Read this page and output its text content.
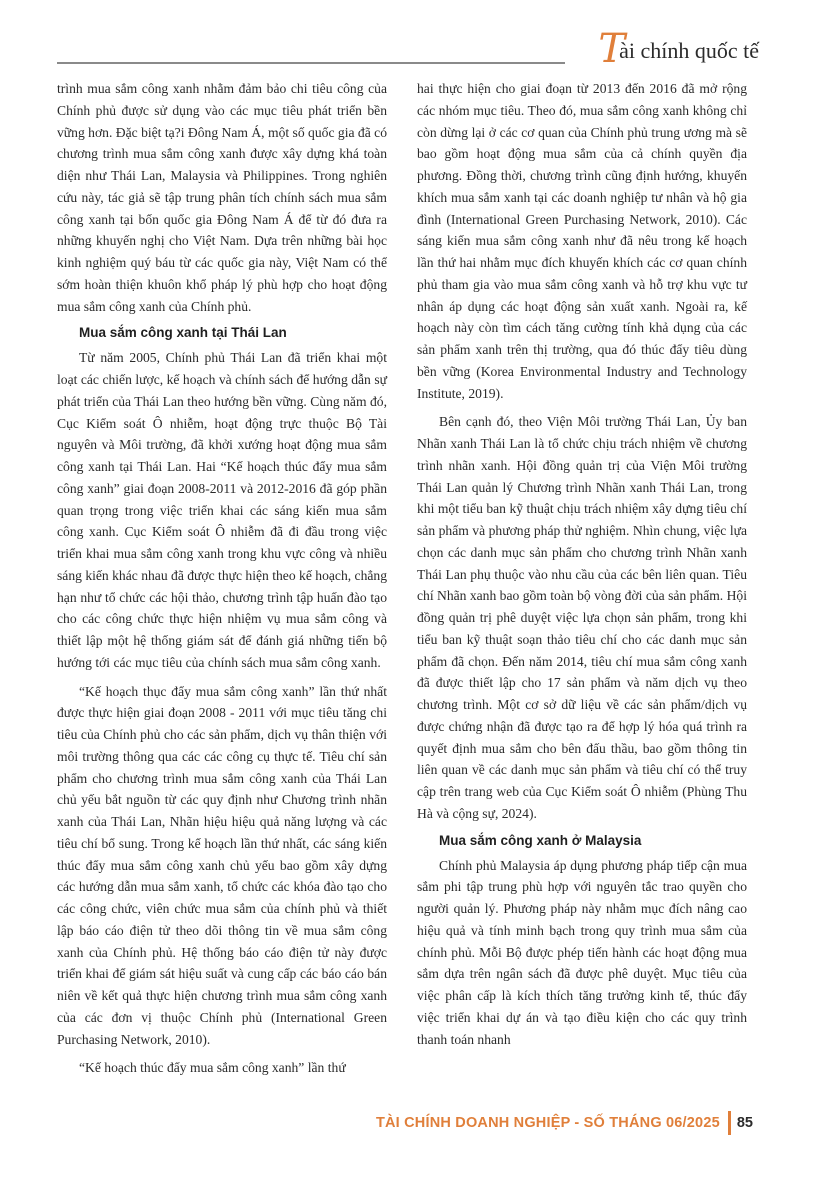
Tài chính quốc tế

trình mua sắm công xanh nhằm đảm bảo chi tiêu công của Chính phủ được sử dụng vào các mục tiêu phát triển bền vững hơn. Đặc biệt tạ?i Đông Nam Á, một số quốc gia đã có chương trình mua sắm công xanh được xây dựng khá toàn diện như Thái Lan, Malaysia và Philippines. Trong nghiên cứu này, tác giả sẽ tập trung phân tích chính sách mua sắm công xanh tại bốn quốc gia Đông Nam Á để từ đó đưa ra những khuyến nghị cho Việt Nam. Dựa trên những bài học kinh nghiệm quý báu từ các quốc gia này, Việt Nam có thể sớm hoàn thiện khuôn khổ pháp lý phù hợp cho hoạt động mua sắm công xanh của Chính phủ.

Mua sắm công xanh tại Thái Lan

Từ năm 2005, Chính phủ Thái Lan đã triển khai một loạt các chiến lược, kế hoạch và chính sách để hướng dẫn sự phát triển của Thái Lan theo hướng bền vững. Cùng năm đó, Cục Kiểm soát Ô nhiễm, hoạt động trực thuộc Bộ Tài nguyên và Môi trường, đã khởi xướng hoạt động mua sắm công xanh tại Thái Lan. Hai “Kế hoạch thúc đẩy mua sắm công xanh” giai đoạn 2008-2011 và 2012-2016 đã góp phần quan trọng trong việc triển khai các sáng kiến mua sắm công xanh. Cục Kiểm soát Ô nhiễm đã đi đầu trong việc triển khai mua sắm công xanh trong khu vực công và nhiều sáng kiến khác nhau đã được thực hiện theo kế hoạch, chẳng hạn như tổ chức các hội thảo, chương trình tập huấn đào tạo cho các công chức thực hiện nhiệm vụ mua sắm công và thiết lập một hệ thống giám sát để đánh giá những tiến bộ hướng tới các mục tiêu của chính sách mua sắm công xanh.

“Kế hoạch thục đẩy mua sắm công xanh” lần thứ nhất được thực hiện giai đoạn 2008 - 2011 với mục tiêu tăng chi tiêu của Chính phủ cho các sản phẩm, dịch vụ thân thiện với môi trường thông qua các các công cụ thực tế. Tiêu chí sản phẩm cho chương trình mua sắm công xanh của Thái Lan chủ yếu bắt nguồn từ các quy định như Chương trình nhãn xanh của Thái Lan, Nhãn hiệu hiệu quả năng lượng và các tiêu chí bổ sung. Trong kế hoạch lần thứ nhất, các sáng kiến thúc đẩy mua sắm công xanh chủ yếu bao gồm xây dựng các hướng dẫn mua sắm xanh, tổ chức các khóa đào tạo cho các công chức, viên chức mua sắm của chính phủ và thiết lập báo cáo điện tử theo dõi thông tin về mua sắm công xanh của Chính phủ. Hệ thống báo cáo điện tử này được triển khai để giám sát hiệu suất và cung cấp các báo cáo bán niên về kết quả thực hiện chương trình mua sắm công xanh của các đơn vị thuộc Chính phủ (International Green Purchasing Network, 2010).

“Kế hoạch thúc đẩy mua sắm công xanh” lần thứ

hai thực hiện cho giai đoạn từ 2013 đến 2016 đã mở rộng các nhóm mục tiêu. Theo đó, mua sắm công xanh không chỉ còn dừng lại ở các cơ quan của Chính phủ trung ương mà sẽ bao gồm hoạt động mua sắm của cả chính quyền địa phương. Đồng thời, chương trình cũng định hướng, khuyến khích mua sắm xanh tại các doanh nghiệp tư nhân và hộ gia đình (International Green Purchasing Network, 2010). Các sáng kiến mua sắm công xanh như đã nêu trong kế hoạch lần thứ hai nhằm mục đích khuyến khích các cơ quan chính phủ tham gia vào mua sắm công xanh và hỗ trợ khu vực tư nhân áp dụng các hoạt động sản xuất xanh. Ngoài ra, kế hoạch này còn tìm cách tăng cường tính khả dụng của các sản phẩm xanh trên thị trường, qua đó thúc đẩy tiêu dùng bền vững (Korea Environmental Industry and Technology Institute, 2019).

Bên cạnh đó, theo Viện Môi trường Thái Lan, Ủy ban Nhãn xanh Thái Lan là tổ chức chịu trách nhiệm về chương trình nhãn xanh. Hội đồng quản trị của Viện Môi trường Thái Lan quản lý Chương trình Nhãn xanh Thái Lan, trong khi một tiểu ban kỹ thuật chịu trách nhiệm xây dựng tiêu chí sản phẩm và phương pháp thử nghiệm. Nhìn chung, việc lựa chọn các danh mục sản phẩm cho chương trình Nhãn xanh Thái Lan phụ thuộc vào nhu cầu của các bên liên quan. Tiêu chí Nhãn xanh bao gồm toàn bộ vòng đời của sản phẩm. Hội đồng quản trị phê duyệt việc lựa chọn sản phẩm, trong khi tiểu ban kỹ thuật soạn thảo tiêu chí cho các danh mục sản phẩm đã chọn. Đến năm 2014, tiêu chí mua sắm công xanh đã được thiết lập cho 17 sản phẩm và năm dịch vụ theo chương trình. Một cơ sở dữ liệu về các sản phẩm/dịch vụ được chứng nhận đã được tạo ra để hợp lý hóa quá trình ra quyết định mua sắm cho bên đấu thầu, bao gồm thông tin liên quan về các danh mục sản phẩm và tiêu chí có thể truy cập trên trang web của Cục Kiểm soát Ô nhiễm (Phùng Thu Hà và cộng sự, 2024).

Mua sắm công xanh ở Malaysia

Chính phủ Malaysia áp dụng phương pháp tiếp cận mua sắm phi tập trung phù hợp với nguyên tắc trao quyền cho người quản lý. Phương pháp này nhằm mục đích nâng cao hiệu quả và tính minh bạch trong quy trình mua sắm của chính phủ. Mỗi Bộ được phép tiến hành các hoạt động mua sắm dựa trên ngân sách đã được phê duyệt. Mục tiêu của việc phân cấp là kích thích tăng trưởng kinh tế, thúc đẩy việc triển khai dự án và tạo điều kiện cho các quy trình thanh toán nhanh

TÀI CHÍNH DOANH NGHIỆP - SỐ THÁNG 06/2025 85
